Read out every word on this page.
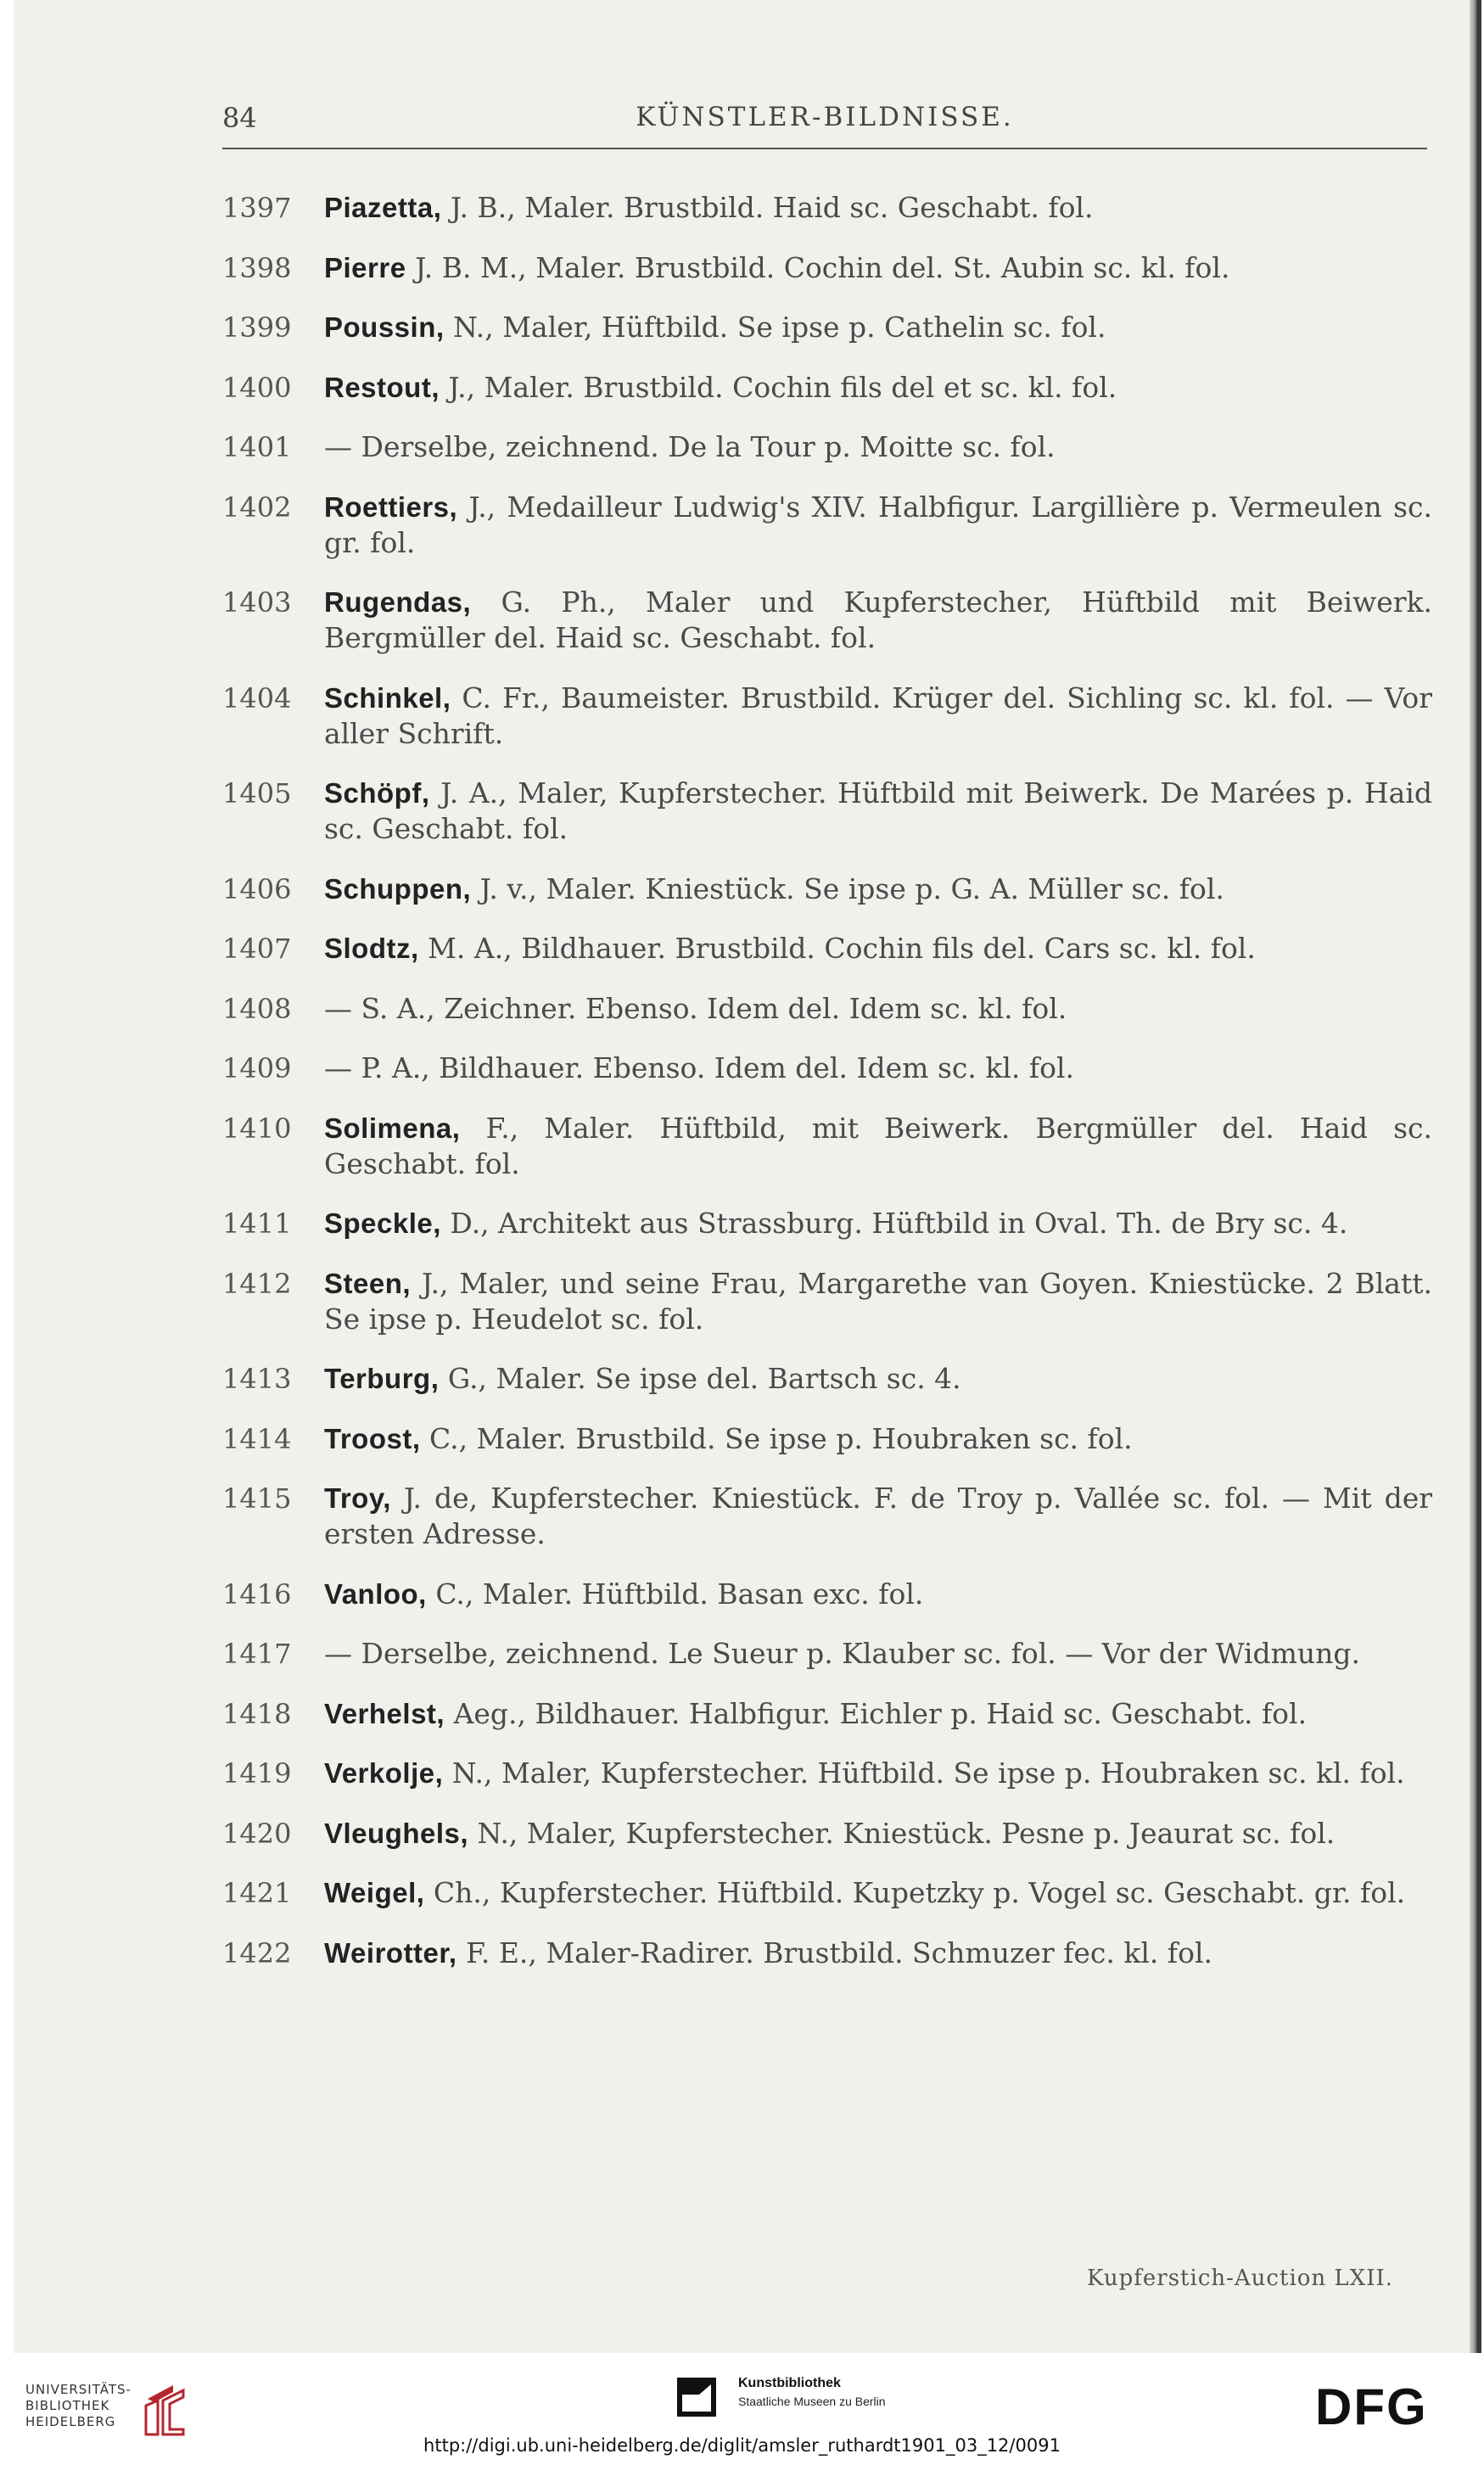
84	KÜNSTLER-BILDNISSE.
1397 Piazetta, J. B., Maler. Brustbild. Haid sc. Geschabt. fol.
1398 Pierre J. B. M., Maler. Brustbild. Cochin del. St. Aubin sc. kl. fol.
1399 Poussin, N., Maler, Hüftbild. Se ipse p. Cathelin sc. fol.
1400 Restout, J., Maler. Brustbild. Cochin fils del et sc. kl. fol.
1401 — Derselbe, zeichnend. De la Tour p. Moitte sc. fol.
1402 Roettiers, J., Medailleur Ludwig's XIV. Halbfigur. Largillière p. Vermeulen sc. gr. fol.
1403 Rugendas, G. Ph., Maler und Kupferstecher, Hüftbild mit Beiwerk. Bergmüller del. Haid sc. Geschabt. fol.
1404 Schinkel, C. Fr., Baumeister. Brustbild. Krüger del. Sichling sc. kl. fol. — Vor aller Schrift.
1405 Schöpf, J. A., Maler, Kupferstecher. Hüftbild mit Beiwerk. De Marées p. Haid sc. Geschabt. fol.
1406 Schuppen, J. v., Maler. Kniestück. Se ipse p. G. A. Müller sc. fol.
1407 Slodtz, M. A., Bildhauer. Brustbild. Cochin fils del. Cars sc. kl. fol.
1408 — S. A., Zeichner. Ebenso. Idem del. Idem sc. kl. fol.
1409 — P. A., Bildhauer. Ebenso. Idem del. Idem sc. kl. fol.
1410 Solimena, F., Maler. Hüftbild, mit Beiwerk. Bergmüller del. Haid sc. Geschabt. fol.
1411 Speckle, D., Architekt aus Strassburg. Hüftbild in Oval. Th. de Bry sc. 4.
1412 Steen, J., Maler, und seine Frau, Margarethe van Goyen. Kniestücke. 2 Blatt. Se ipse p. Heudelot sc. fol.
1413 Terburg, G., Maler. Se ipse del. Bartsch sc. 4.
1414 Troost, C., Maler. Brustbild. Se ipse p. Houbraken sc. fol.
1415 Troy, J. de, Kupferstecher. Kniestück. F. de Troy p. Vallée sc. fol. — Mit der ersten Adresse.
1416 Vanloo, C., Maler. Hüftbild. Basan exc. fol.
1417 — Derselbe, zeichnend. Le Sueur p. Klauber sc. fol. — Vor der Widmung.
1418 Verhelst, Aeg., Bildhauer. Halbfigur. Eichler p. Haid sc. Geschabt. fol.
1419 Verkolje, N., Maler, Kupferstecher. Hüftbild. Se ipse p. Houbraken sc. kl. fol.
1420 Vleughels, N., Maler, Kupferstecher. Kniestück. Pesne p. Jeaurat sc. fol.
1421 Weigel, Ch., Kupferstecher. Hüftbild. Kupetzky p. Vogel sc. Geschabt. gr. fol.
1422 Weirotter, F. E., Maler-Radirer. Brustbild. Schmuzer fec. kl. fol.
Kupferstich-Auction LXII.
UNIVERSITÄTS-
BIBLIOTHEK
HEIDELBERG
Kunstbibliothek
Staatliche Museen zu Berlin	DFG
http://digi.ub.uni-heidelberg.de/diglit/amsler_ruthardt1901_03_12/0091
